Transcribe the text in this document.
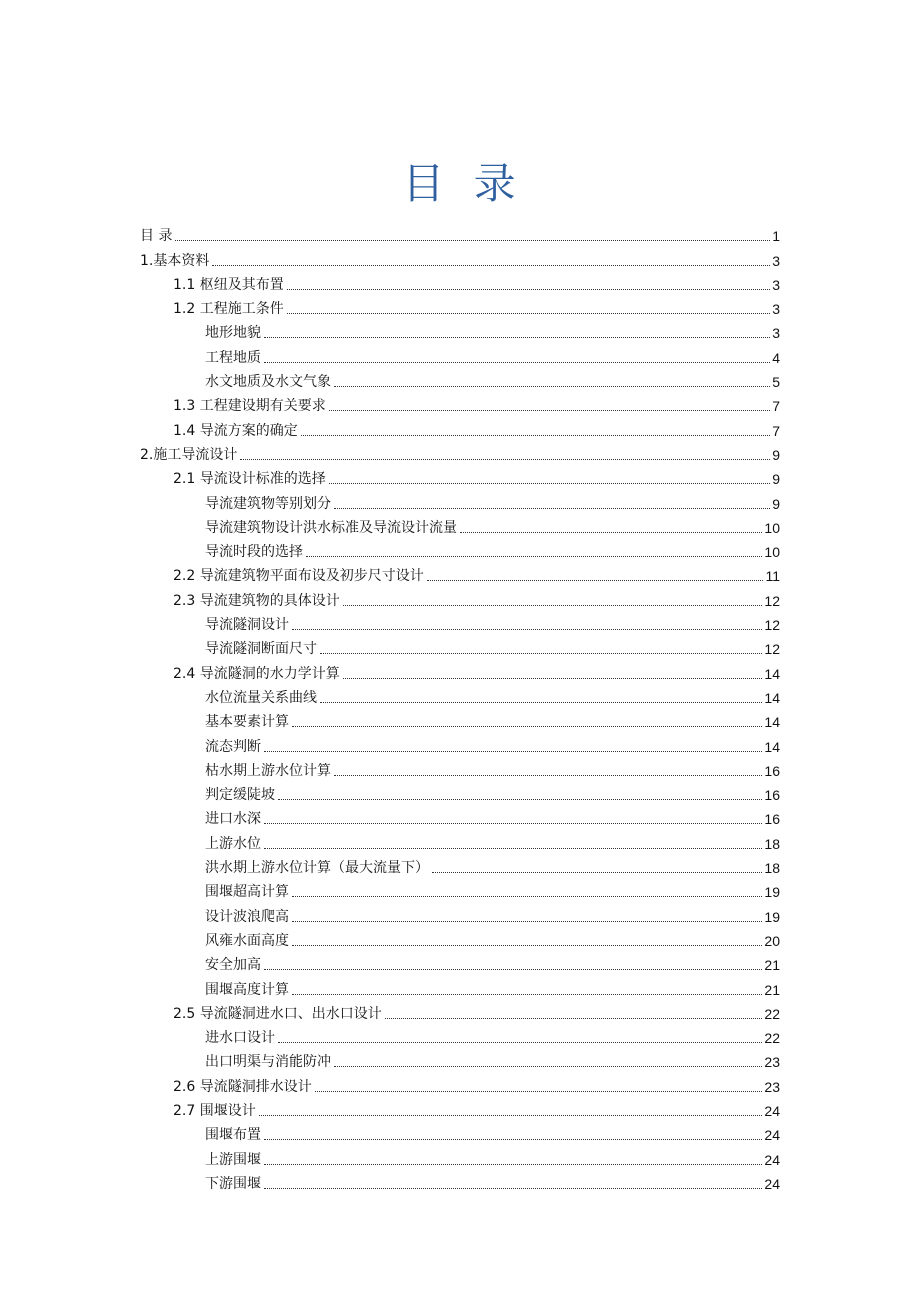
目 录
目 录	1
1.基本资料	3
1.1 枢纽及其布置	3
1.2 工程施工条件	3
地形地貌	3
工程地质	4
水文地质及水文气象	5
1.3 工程建设期有关要求	7
1.4 导流方案的确定	7
2.施工导流设计	9
2.1 导流设计标准的选择	9
导流建筑物等别划分	9
导流建筑物设计洪水标准及导流设计流量	10
导流时段的选择	10
2.2 导流建筑物平面布设及初步尺寸设计	11
2.3 导流建筑物的具体设计	12
导流隧洞设计	12
导流隧洞断面尺寸	12
2.4 导流隧洞的水力学计算	14
水位流量关系曲线	14
基本要素计算	14
流态判断	14
枯水期上游水位计算	16
判定缓陡坡	16
进口水深	16
上游水位	18
洪水期上游水位计算（最大流量下）	18
围堰超高计算	19
设计波浪爬高	19
风雍水面高度	20
安全加高	21
围堰高度计算	21
2.5 导流隧洞进水口、出水口设计	22
进水口设计	22
出口明渠与消能防冲	23
2.6 导流隧洞排水设计	23
2.7 围堰设计	24
围堰布置	24
上游围堰	24
下游围堰	24
